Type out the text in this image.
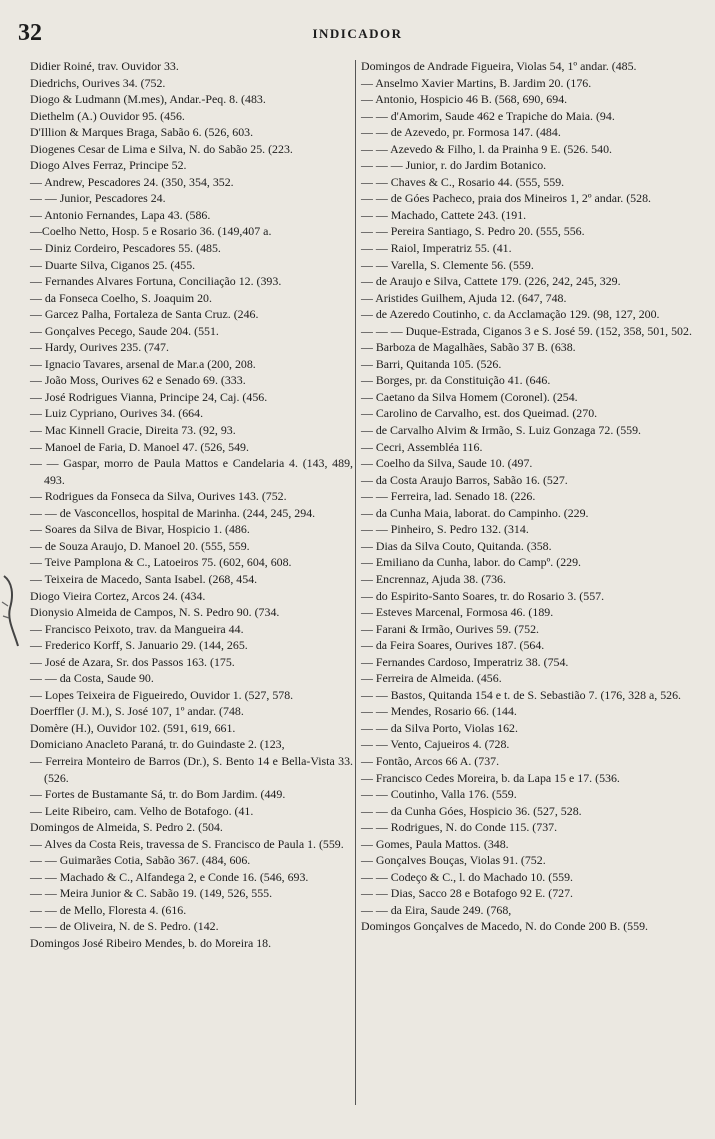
32	INDICADOR
Didier Roiné, trav. Ouvidor 33.
Diedrichs, Ourives 34. (752.
Diogo & Ludmann (M.mes), Andar.-Peq. 8. (483.
Diethelm (A.) Ouvidor 95. (456.
D'Illion & Marques Braga, Sabão 6. (526, 603.
Diogenes Cesar de Lima e Silva, N. do Sabão 25. (223.
Diogo Alves Ferraz, Principe 52.
— Andrew, Pescadores 24. (350, 354, 352.
— — Junior, Pescadores 24.
— Antonio Fernandes, Lapa 43. (586.
—Coelho Netto, Hosp. 5 e Rosario 36. (149,407 a.
— Diniz Cordeiro, Pescadores 55. (485.
— Duarte Silva, Ciganos 25. (455.
— Fernandes Alvares Fortuna, Conciliação 12. (393.
— da Fonseca Coelho, S. Joaquim 20.
— Garcez Palha, Fortaleza de Santa Cruz. (246.
— Gonçalves Pecego, Saude 204. (551.
— Hardy, Ourives 235. (747.
— Ignacio Tavares, arsenal de Mar.a (200, 208.
— João Moss, Ourives 62 e Senado 69. (333.
— José Rodrigues Vianna, Principe 24, Caj. (456.
— Luiz Cypriano, Ourives 34. (664.
— Mac Kinnell Gracie, Direita 73. (92, 93.
— Manoel de Faria, D. Manoel 47. (526, 549.
— — Gaspar, morro de Paula Mattos e Candelaria 4. (143, 489, 493.
— Rodrigues da Fonseca da Silva, Ourives 143. (752.
— — de Vasconcellos, hospital de Marinha. (244, 245, 294.
— Soares da Silva de Bivar, Hospicio 1. (486.
— de Souza Araujo, D. Manoel 20. (555, 559.
— Teive Pamplona & C., Latoeiros 75. (602, 604, 608.
— Teixeira de Macedo, Santa Isabel. (268, 454.
Diogo Vieira Cortez, Arcos 24. (434.
Dionysio Almeida de Campos, N. S. Pedro 90. (734.
— Francisco Peixoto, trav. da Mangueira 44.
— Frederico Korff, S. Januario 29. (144, 265.
— José de Azara, Sr. dos Passos 163. (175.
— — da Costa, Saude 90.
— Lopes Teixeira de Figueiredo, Ouvidor 1. (527, 578.
Doerffler (J. M.), S. José 107, 1º andar. (748.
Domère (H.), Ouvidor 102. (591, 619, 661.
Domiciano Anacleto Paraná, tr. do Guindaste 2. (123,
— Ferreira Monteiro de Barros (Dr.), S. Bento 14 e Bella-Vista 33. (526.
— Fortes de Bustamante Sá, tr. do Bom Jardim. (449.
— Leite Ribeiro, cam. Velho de Botafogo. (41.
Domingos de Almeida, S. Pedro 2. (504.
— Alves da Costa Reis, travessa de S. Francisco de Paula 1. (559.
— — Guimarães Cotia, Sabão 367. (484, 606.
— — Machado & C., Alfandega 2, e Conde 16. (546, 693.
— — Meira Junior & C. Sabão 19. (149, 526, 555.
— — de Mello, Floresta 4. (616.
— — de Oliveira, N. de S. Pedro. (142.
Domingos José Ribeiro Mendes, b. do Moreira 18.
Domingos de Andrade Figueira, Violas 54, 1º andar. (485.
— Anselmo Xavier Martins, B. Jardim 20. (176.
— Antonio, Hospicio 46 B. (568, 690, 694.
— — d'Amorim, Saude 462 e Trapiche do Maia. (94.
— — de Azevedo, pr. Formosa 147. (484.
— — Azevedo & Filho, l. da Prainha 9 E. (526. 540.
— — — Junior, r. do Jardim Botanico.
— — Chaves & C., Rosario 44. (555, 559.
— — de Góes Pacheco, praia dos Mineiros 1, 2º andar. (528.
— — Machado, Cattete 243. (191.
— — Pereira Santiago, S. Pedro 20. (555, 556.
— — Raiol, Imperatriz 55. (41.
— — Varella, S. Clemente 56. (559.
— de Araujo e Silva, Cattete 179. (226, 242, 245, 329.
— Aristides Guilhem, Ajuda 12. (647, 748.
— de Azeredo Coutinho, c. da Acclamação 129. (98, 127, 200.
— — — Duque-Estrada, Ciganos 3 e S. José 59. (152, 358, 501, 502.
— Barboza de Magalhães, Sabão 37 B. (638.
— Barri, Quitanda 105. (526.
— Borges, pr. da Constituição 41. (646.
— Caetano da Silva Homem (Coronel). (254.
— Carolino de Carvalho, est. dos Queimad. (270.
— de Carvalho Alvim & Irmão, S. Luiz Gonzaga 72. (559.
— Cecri, Assembléa 116.
— Coelho da Silva, Saude 10. (497.
— da Costa Araujo Barros, Sabão 16. (527.
— — Ferreira, lad. Senado 18. (226.
— da Cunha Maia, laborat. do Campinho. (229.
— — Pinheiro, S. Pedro 132. (314.
— Dias da Silva Couto, Quitanda. (358.
— Emiliano da Cunha, labor. do Campº. (229.
— Encrennaz, Ajuda 38. (736.
— do Espirito-Santo Soares, tr. do Rosario 3. (557.
— Esteves Marcenal, Formosa 46. (189.
— Farani & Irmão, Ourives 59. (752.
— da Feira Soares, Ourives 187. (564.
— Fernandes Cardoso, Imperatriz 38. (754.
— Ferreira de Almeida. (456.
— — Bastos, Quitanda 154 e t. de S. Sebastião 7. (176, 328 a, 526.
— — Mendes, Rosario 66. (144.
— — da Silva Porto, Violas 162.
— — Vento, Cajueiros 4. (728.
— Fontão, Arcos 66 A. (737.
— Francisco Cedes Moreira, b. da Lapa 15 e 17. (536.
— — Coutinho, Valla 176. (559.
— — da Cunha Góes, Hospicio 36. (527, 528.
— — Rodrigues, N. do Conde 115. (737.
— Gomes, Paula Mattos. (348.
— Gonçalves Bouças, Violas 91. (752.
— — Codeço & C., l. do Machado 10. (559.
— — Dias, Sacco 28 e Botafogo 92 E. (727.
— — da Eira, Saude 249. (768,
Domingos Gonçalves de Macedo, N. do Conde 200 B. (559.
